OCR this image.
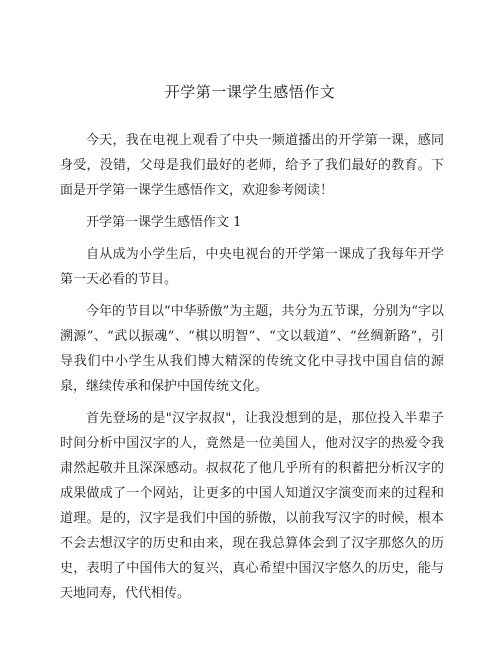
开学第一课学生感悟作文

今天，我在电视上观看了中央一频道播出的开学第一课，感同身受，没错，父母是我们最好的老师，给予了我们最好的教育。下面是开学第一课学生感悟作文，欢迎参考阅读！

开学第一课学生感悟作文 1

自从成为小学生后，中央电视台的开学第一课成了我每年开学第一天必看的节目。

今年的节目以“中华骄傲”为主题，共分为五节课，分别为“字以溯源”、“武以振魂”、“棋以明智”、“文以载道”、“丝绸新路”，引导我们中小学生从我们博大精深的传统文化中寻找中国自信的源泉，继续传承和保护中国传统文化。

首先登场的是"汉字叔叔"，让我没想到的是，那位投入半辈子时间分析中国汉字的人，竟然是一位美国人，他对汉字的热爱令我肃然起敬并且深深感动。叔叔花了他几乎所有的积蓄把分析汉字的成果做成了一个网站，让更多的中国人知道汉字演变而来的过程和道理。是的，汉字是我们中国的骄傲，以前我写汉字的时候，根本不会去想汉字的历史和由来，现在我总算体会到了汉字那悠久的历史，表明了中国伟大的复兴，真心希望中国汉字悠久的历史，能与天地同寿，代代相传。
